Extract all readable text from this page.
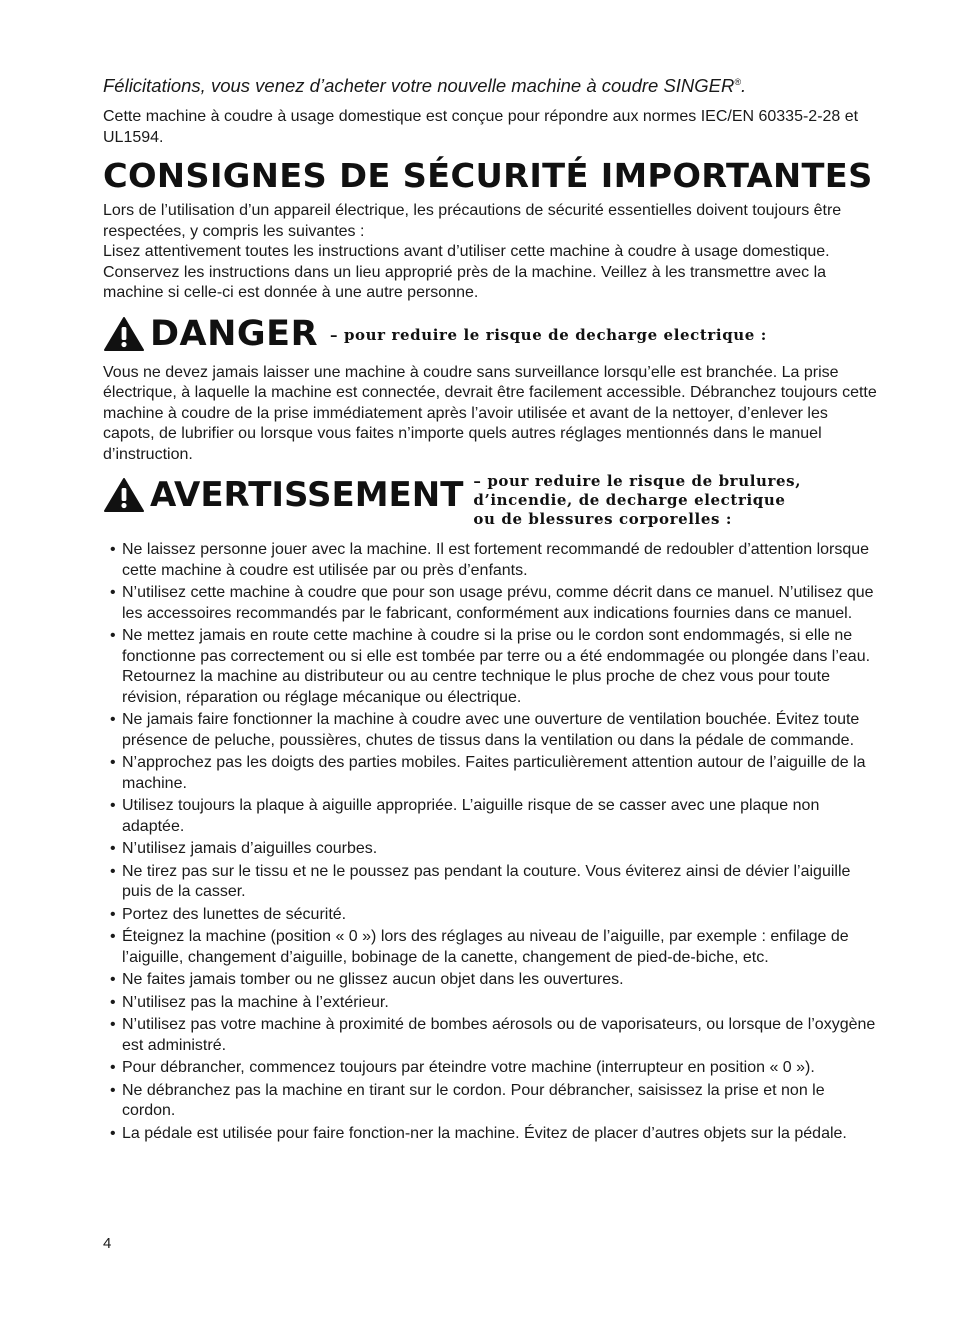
Félicitations, vous venez d’acheter votre nouvelle machine à coudre SINGER®.

Cette machine à coudre à usage domestique est conçue pour répondre aux normes IEC/EN 60335-2-28 et UL1594.

CONSIGNES DE SÉCURITÉ IMPORTANTES

Lors de l’utilisation d’un appareil électrique, les précautions de sécurité essentielles doivent toujours être respectées, y compris les suivantes :

Lisez attentivement toutes les instructions avant d’utiliser cette machine à coudre à usage domestique. Conservez les instructions dans un lieu approprié près de la machine. Veillez à les transmettre avec la machine si celle-ci est donnée à une autre personne.

DANGER – pour reduire le risque de decharge electrique :

Vous ne devez jamais laisser une machine à coudre sans surveillance lorsqu’elle est branchée. La prise électrique, à laquelle la machine est connectée, devrait être facilement accessible. Débranchez toujours cette machine à coudre de la prise immédiatement après l’avoir utilisée et avant de la nettoyer, d’enlever les capots, de lubrifier ou lorsque vous faites n’importe quels autres réglages mentionnés dans le manuel d’instruction.

AVERTISSEMENT – pour reduire le risque de brulures,
d’incendie, de decharge electrique
ou de blessures corporelles :
• Ne laissez personne jouer avec la machine. Il est fortement recommandé de redoubler d’attention lorsque cette machine à coudre est utilisée par ou près d’enfants.
• N’utilisez cette machine à coudre que pour son usage prévu, comme décrit dans ce manuel. N’utilisez que les accessoires recommandés par le fabricant, conformément aux indications fournies dans ce manuel.
• Ne mettez jamais en route cette machine à coudre si la prise ou le cordon sont endommagés, si elle ne fonctionne pas correctement ou si elle est tombée par terre ou a été endommagée ou plongée dans l’eau. Retournez la machine au distributeur ou au centre technique le plus proche de chez vous pour toute révision, réparation ou réglage mécanique ou électrique.
• Ne jamais faire fonctionner la machine à coudre avec une ouverture de ventilation bouchée. Évitez toute présence de peluche, poussières, chutes de tissus dans la ventilation ou dans la pédale de commande.
• N’approchez pas les doigts des parties mobiles. Faites particulièrement attention autour de l’aiguille de la machine.
• Utilisez toujours la plaque à aiguille appropriée. L’aiguille risque de se casser avec une plaque non adaptée.
• N’utilisez jamais d’aiguilles courbes.
• Ne tirez pas sur le tissu et ne le poussez pas pendant la couture. Vous éviterez ainsi de dévier l’aiguille puis de la casser.
• Portez des lunettes de sécurité.
• Éteignez la machine (position « 0 ») lors des réglages au niveau de l’aiguille, par exemple : enfilage de l’aiguille, changement d’aiguille, bobinage de la canette, changement de pied-de-biche, etc.
• Ne faites jamais tomber ou ne glissez aucun objet dans les ouvertures.
• N’utilisez pas la machine à l’extérieur.
• N’utilisez pas votre machine à proximité de bombes aérosols ou de vaporisateurs, ou lorsque de l’oxygène est administré.
• Pour débrancher, commencez toujours par éteindre votre machine (interrupteur en position « 0 »).
• Ne débranchez pas la machine en tirant sur le cordon. Pour débrancher, saisissez la prise et non le cordon.
• La pédale est utilisée pour faire fonction-ner la machine. Évitez de placer d’autres objets sur la pédale.
4
